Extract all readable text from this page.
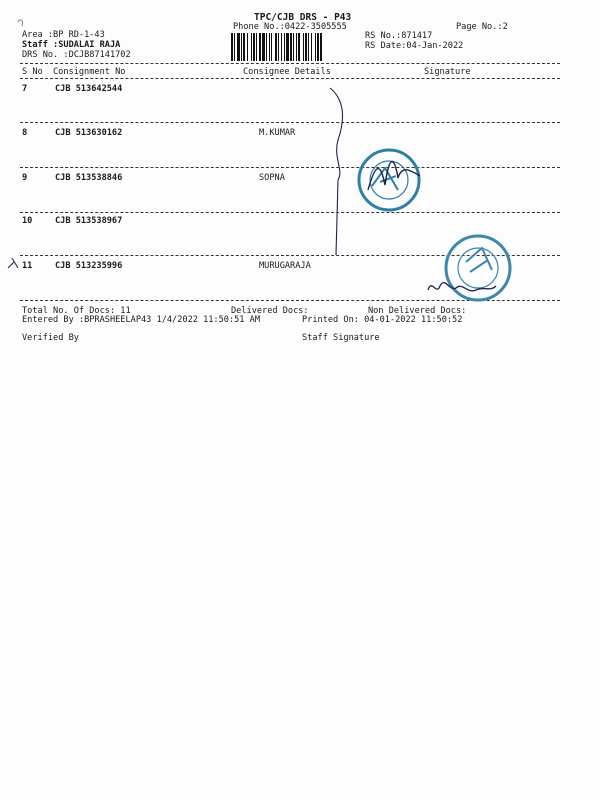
TPC/CJB DRS - P43
Phone No.:0422-3505555	Page No.:2
Area :BP RD-1-43
Staff :SUDALAI RAJA
DRS No. :DCJB87141702
RS No.:871417
RS Date:04-Jan-2022
S No Consignment No	Consignee Details	Signature
7	CJB 513642544
8	CJB 513630162	M.KUMAR
9	CJB 513538846	SOPNA
10	CJB 513538967
11	CJB 513235996	MURUGARAJA
Total No. Of Docs: 11	Delivered Docs:	Non Delivered Docs:
Entered By :BPRASHEELAP43 1/4/2022 11:50:51 AM	Printed On: 04-01-2022 11:50:52
Verified By	Staff Signature
